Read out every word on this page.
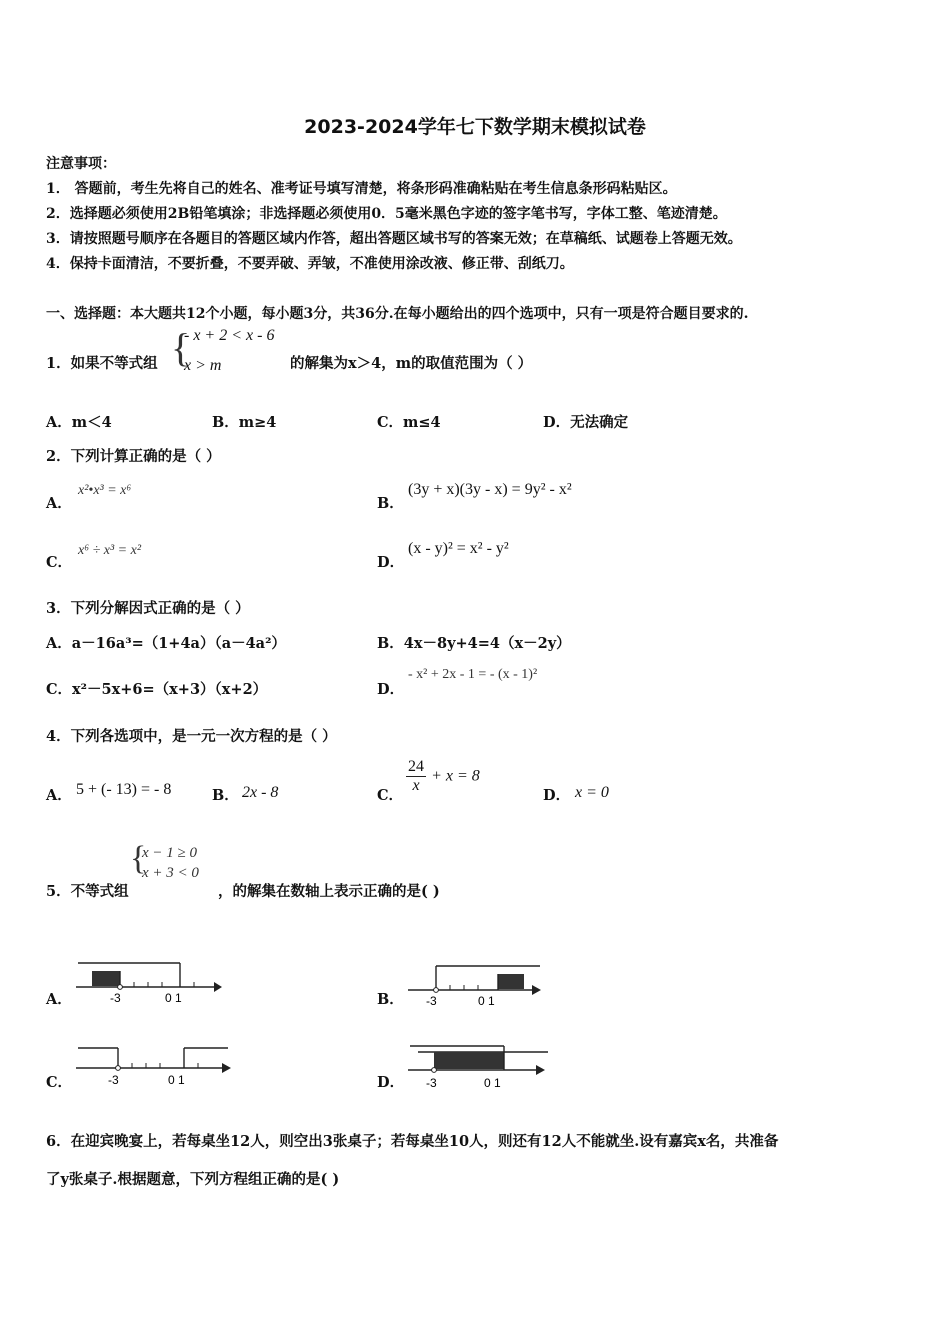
2023-2024学年七下数学期末模拟试卷
注意事项：
1． 答题前，考生先将自己的姓名、准考证号填写清楚，将条形码准确粘贴在考生信息条形码粘贴区。
2．选择题必须使用2B铅笔填涂；非选择题必须使用0．5毫米黑色字迹的签字笔书写，字体工整、笔迹清楚。
3．请按照题号顺序在各题目的答题区域内作答，超出答题区域书写的答案无效；在草稿纸、试题卷上答题无效。
4．保持卡面清洁，不要折叠，不要弄破、弄皱，不准使用涂改液、修正带、刮纸刀。
一、选择题：本大题共12个小题，每小题3分，共36分.在每小题给出的四个选项中，只有一项是符合题目要求的.
1．如果不等式组 {
- x + 2 < x - 6
x > m	的解集为x＞4，m的取值范围为（ ）
A．m＜4	B．m≥4	C．m≤4	D．无法确定
2．下列计算正确的是（ ）
A．
x²•x³ = x⁶
B．
(3y + x)(3y - x) = 9y² - x²
C．
x⁶ ÷ x³ = x²
D．
(x - y)² = x² - y²
3．下列分解因式正确的是（ ）
A．a－16a³=（1+4a）（a－4a²）	B．4x－8y+4=4（x－2y）
C．x²－5x+6=（x+3）（x+2）	D．
- x² + 2x - 1 = - (x - 1)²
4．下列各选项中，是一元一次方程的是（ ）
A． 5 + (- 13) = - 8	B． 2x - 8	C．
$\frac{24}{x} + x = 8$
D． x = 0
{
x − 1 ≥ 0
x + 3 < 0
5．不等式组	，的解集在数轴上表示正确的是( )
A．	-3	0 1	B． -3	0 1
C．	-3	0 1	D． -3	0 1
6．在迎宾晚宴上，若每桌坐12人，则空出3张桌子；若每桌坐10人，则还有12人不能就坐.设有嘉宾x名，共准备
了y张桌子.根据题意，下列方程组正确的是( )
